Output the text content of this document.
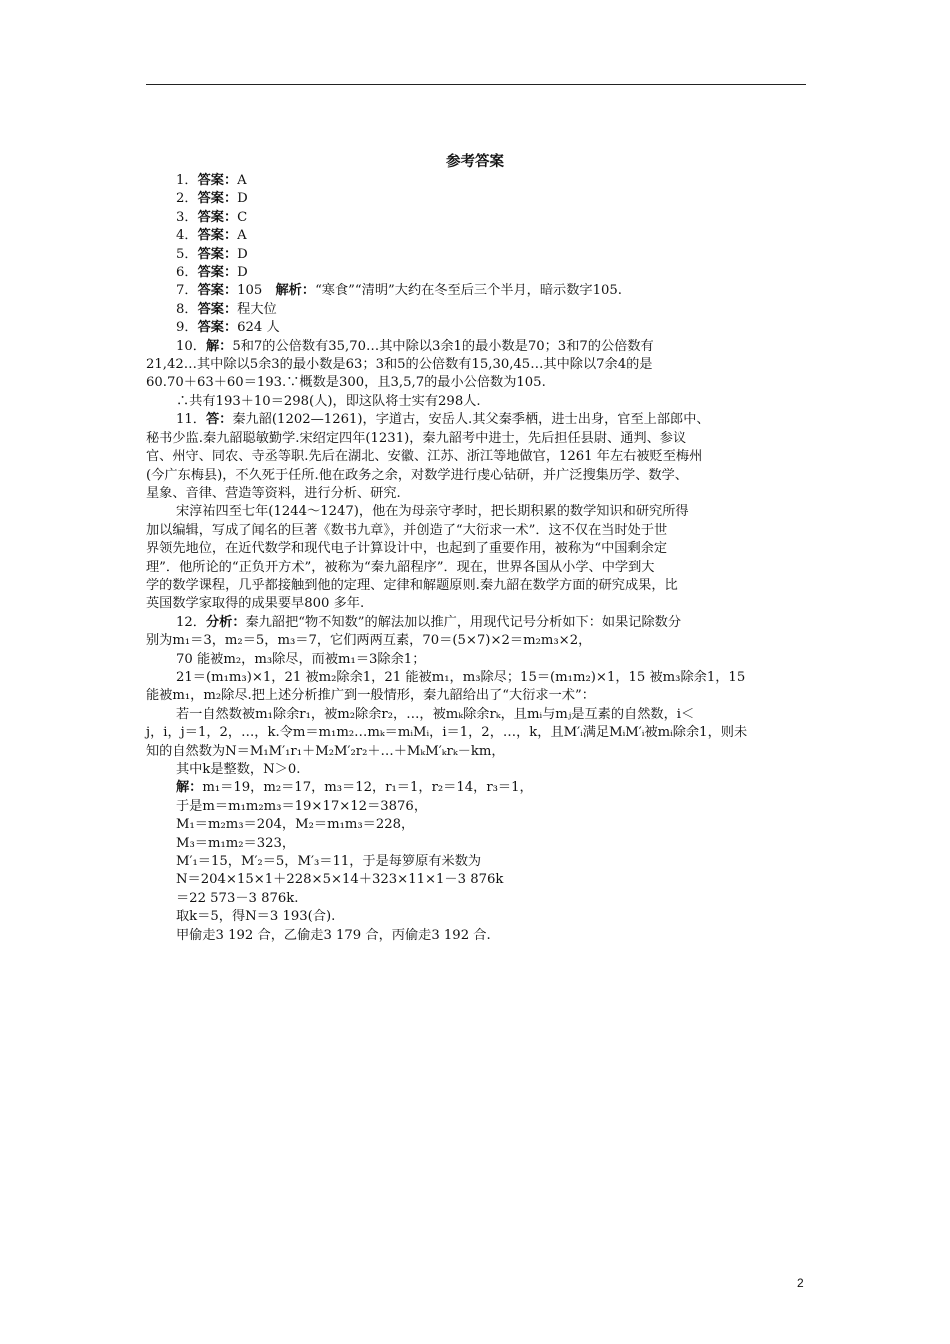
参考答案
1．答案：A
2．答案：D
3．答案：C
4．答案：A
5．答案：D
6．答案：D
7．答案：105　解析：“寒食”“清明”大约在冬至后三个半月，暗示数字105.
8．答案：程大位
9．答案：624 人
10．解：5和7的公倍数有35,70…其中除以3余1的最小数是70；3和7的公倍数有
21,42…其中除以5余3的最小数是63；3和5的公倍数有15,30,45…其中除以7余4的是
60.70＋63＋60＝193.∵概数是300，且3,5,7的最小公倍数为105.
∴共有193＋10＝298(人)，即这队将士实有298人.
11．答：秦九韶(1202—1261)，字道古，安岳人.其父秦季栖，进士出身，官至上部郎中、
秘书少监.秦九韶聪敏勤学.宋绍定四年(1231)，秦九韶考中进士，先后担任县尉、通判、参议
官、州守、同农、寺丞等职.先后在湖北、安徽、江苏、浙江等地做官，1261 年左右被贬至梅州
(今广东梅县)，不久死于任所.他在政务之余，对数学进行虔心钻研，并广泛搜集历学、数学、
星象、音律、营造等资料，进行分析、研究.
宋淳祐四至七年(1244～1247)，他在为母亲守孝时，把长期积累的数学知识和研究所得
加以编辑，写成了闻名的巨著《数书九章》，并创造了“大衍求一术”．这不仅在当时处于世
界领先地位，在近代数学和现代电子计算设计中，也起到了重要作用，被称为“中国剩余定
理”．他所论的“正负开方术”，被称为“秦九韶程序”．现在，世界各国从小学、中学到大
学的数学课程，几乎都接触到他的定理、定律和解题原则.秦九韶在数学方面的研究成果，比
英国数学家取得的成果要早800 多年.
12．分析：秦九韶把“物不知数”的解法加以推广，用现代记号分析如下：如果记除数分
别为m₁＝3，m₂＝5，m₃＝7，它们两两互素，70＝(5×7)×2＝m₂m₃×2，
70 能被m₂，m₃除尽，而被m₁＝3除余1；
21＝(m₁m₃)×1，21 被m₂除余1，21 能被m₁，m₃除尽；15＝(m₁m₂)×1，15 被m₃除余1，15
能被m₁，m₂除尽.把上述分析推广到一般情形，秦九韶给出了“大衍求一术”：
若一自然数被m₁除余r₁，被m₂除余r₂，…，被mₖ除余rₖ，且mᵢ与mⱼ是互素的自然数，i＜
j，i，j＝1，2，…，k.令m＝m₁m₂…mₖ＝mᵢMᵢ，i＝1，2，…，k，且M′ᵢ满足MᵢM′ᵢ被mᵢ除余1，则未
知的自然数为N＝M₁M′₁r₁＋M₂M′₂r₂＋…＋MₖM′ₖrₖ－km，
其中k是整数，N＞0.
解：m₁＝19，m₂＝17，m₃＝12，r₁＝1，r₂＝14，r₃＝1，
于是m＝m₁m₂m₃＝19×17×12＝3876，
M₁＝m₂m₃＝204，M₂＝m₁m₃＝228，
M₃＝m₁m₂＝323，
M′₁＝15，M′₂＝5，M′₃＝11，于是每箩原有米数为
N＝204×15×1＋228×5×14＋323×11×1－3 876k
＝22 573－3 876k.
取k＝5，得N＝3 193(合).
甲偷走3 192 合，乙偷走3 179 合，丙偷走3 192 合.
2
